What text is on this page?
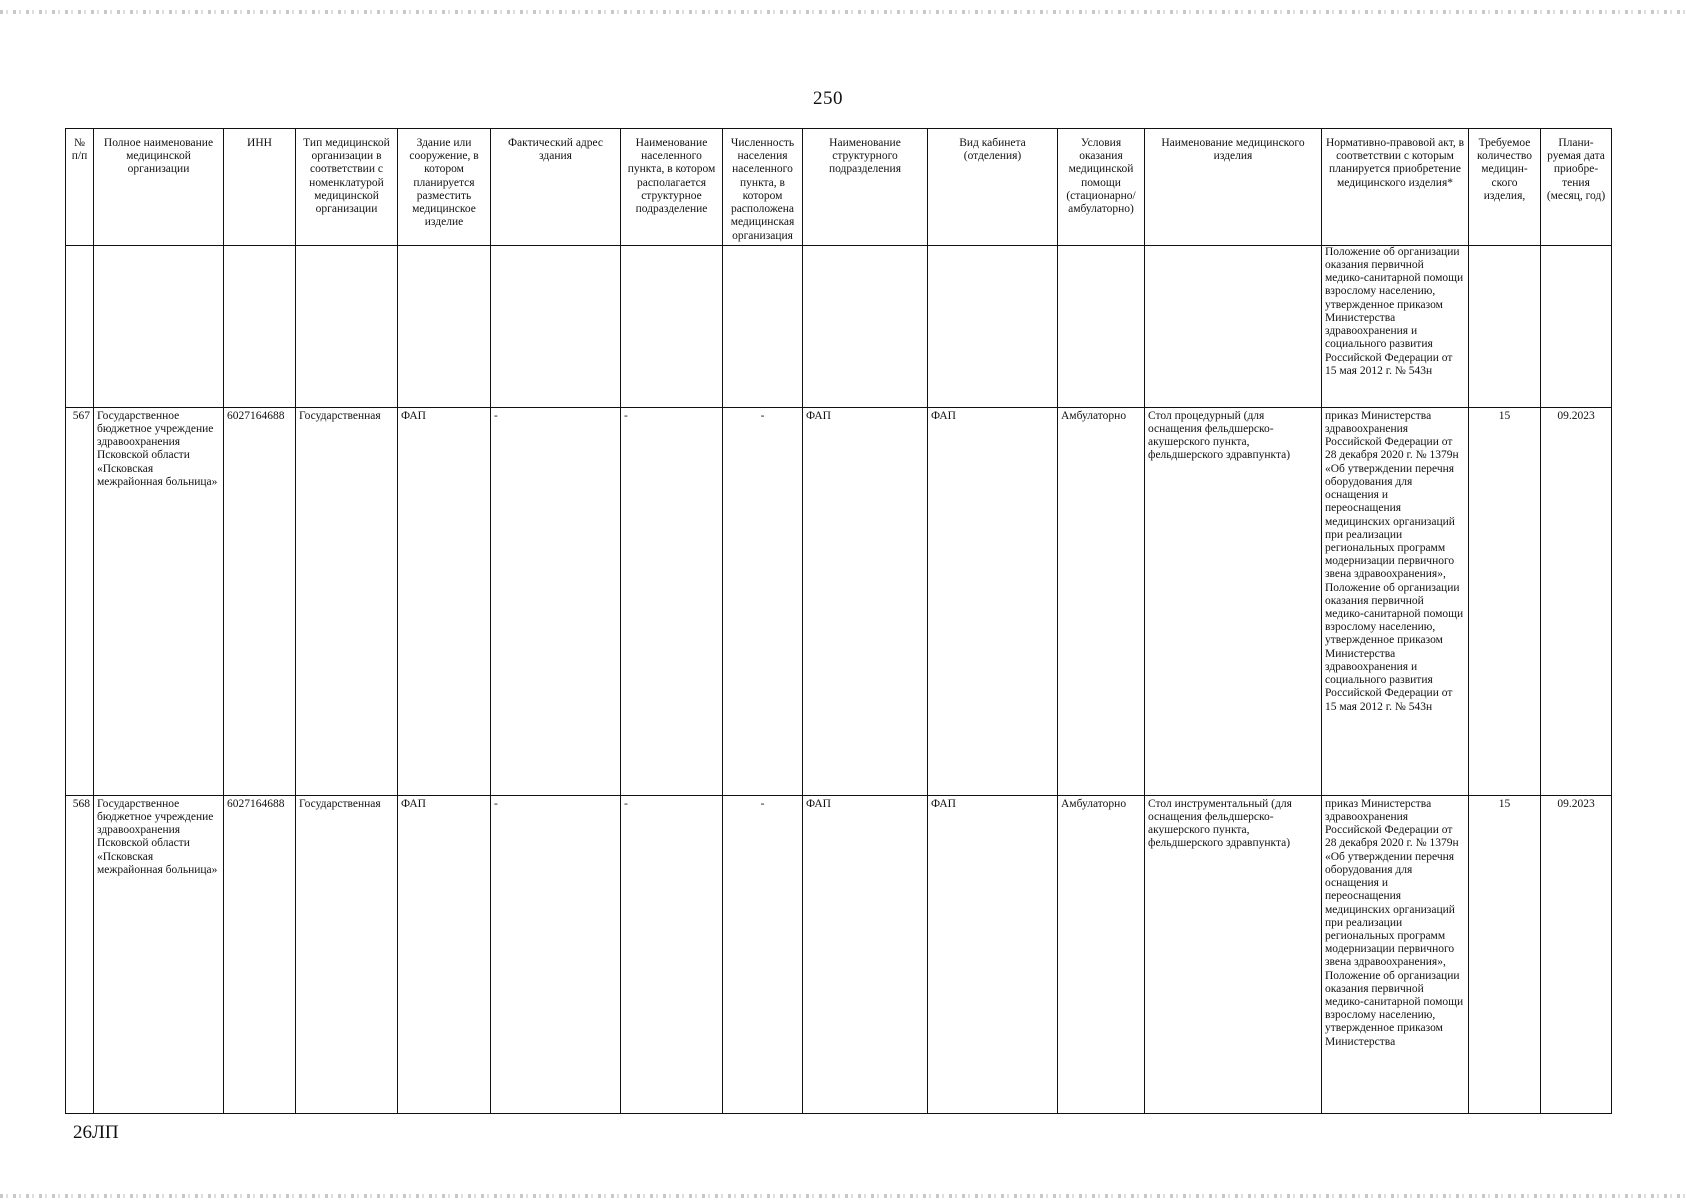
250
№ п/п	Полное наименование медицинской организации	ИНН	Тип медицинской организации в соответствии с номенклатурой медицинской организации	Здание или сооружение, в котором планируется разместить медицинское изделие	Фактический адрес здания	Наименование населенного пункта, в котором располагается структурное подразделение	Численность населения населенного пункта, в котором расположена медицинская организация	Наименование структурного подразделения	Вид кабинета (отделения)	Условия оказания медицинской помощи (стационарно/ амбулаторно)	Наименование медицинского изделия	Нормативно-правовой акт, в соответствии с которым планируется приобретение медицинского изделия*	Требуемое количество медицин-ского изделия,	Плани-руемая дата приобре-тения (месяц, год)
												Положение об организации оказания первичной медико-санитарной помощи взрослому населению, утвержденное приказом Министерства здравоохранения и социального развития Российской Федерации от 15 мая 2012 г. № 543н		
567	Государственное бюджетное учреждение здравоохранения Псковской области «Псковская межрайонная больница»	6027164688	Государственная	ФАП	-	-	-	ФАП	ФАП	Амбулаторно	Стол процедурный (для оснащения фельдшерско-акушерского пункта, фельдшерского здравпункта)	приказ Министерства здравоохранения Российской Федерации от 28 декабря 2020 г. № 1379н «Об утверждении перечня оборудования для оснащения и переоснащения медицинских организаций при реализации региональных программ модернизации первичного звена здравоохранения», Положение об организации оказания первичной медико-санитарной помощи взрослому населению, утвержденное приказом Министерства здравоохранения и социального развития Российской Федерации от 15 мая 2012 г. № 543н	15	09.2023
568	Государственное бюджетное учреждение здравоохранения Псковской области «Псковская межрайонная больница»	6027164688	Государственная	ФАП	-	-	-	ФАП	ФАП	Амбулаторно	Стол инструментальный (для оснащения фельдшерско-акушерского пункта, фельдшерского здравпункта)	приказ Министерства здравоохранения Российской Федерации от 28 декабря 2020 г. № 1379н «Об утверждении перечня оборудования для оснащения и переоснащения медицинских организаций при реализации региональных программ модернизации первичного звена здравоохранения», Положение об организации оказания первичной медико-санитарной помощи взрослому населению, утвержденное приказом Министерства	15	09.2023
26ЛП
